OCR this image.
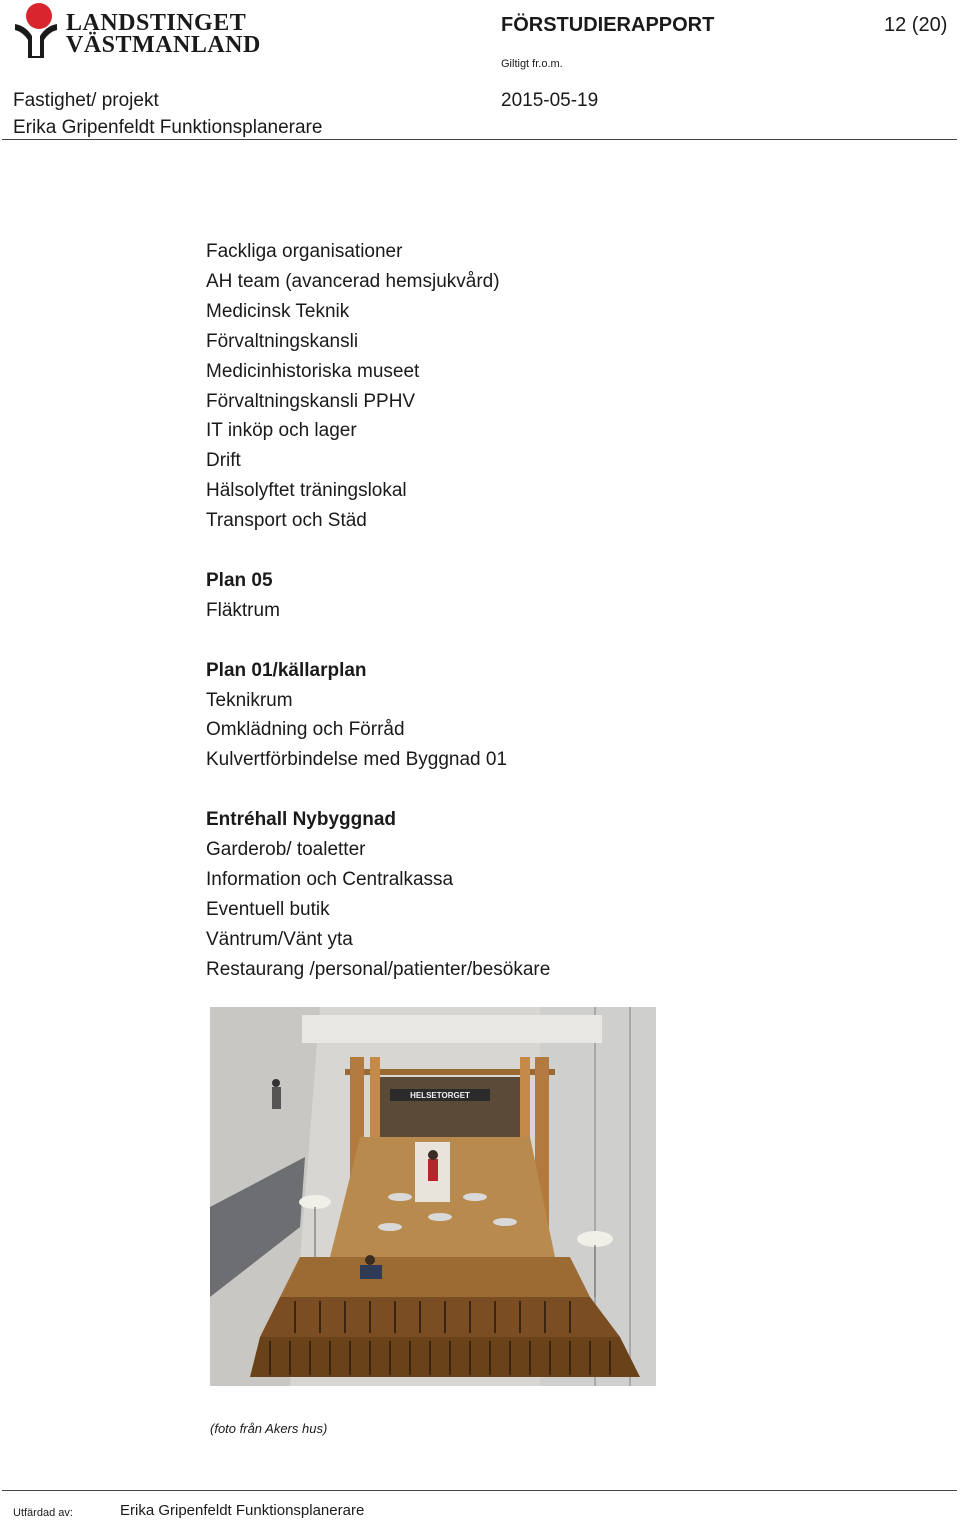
LANDSTINGET
VÄSTMANLAND
FÖRSTUDIERAPPORT	12 (20)
Giltigt fr.o.m.
Fastighet/ projekt
Erika Gripenfeldt Funktionsplanerare
2015-05-19
Fackliga organisationer
AH team (avancerad hemsjukvård)
Medicinsk Teknik
Förvaltningskansli
Medicinhistoriska museet
Förvaltningskansli PPHV
IT inköp och lager
Drift
Hälsolyftet träningslokal
Transport och Städ
Plan 05
Fläktrum
Plan 01/källarplan
Teknikrum
Omklädning och Förråd
Kulvertförbindelse med Byggnad 01
Entréhall Nybyggnad
Garderob/ toaletter
Information och Centralkassa
Eventuell butik
Väntrum/Vänt yta
Restaurang /personal/patienter/besökare
HELSETORGET
(foto från Akers hus)
Utfärdad av:	Erika Gripenfeldt Funktionsplanerare
